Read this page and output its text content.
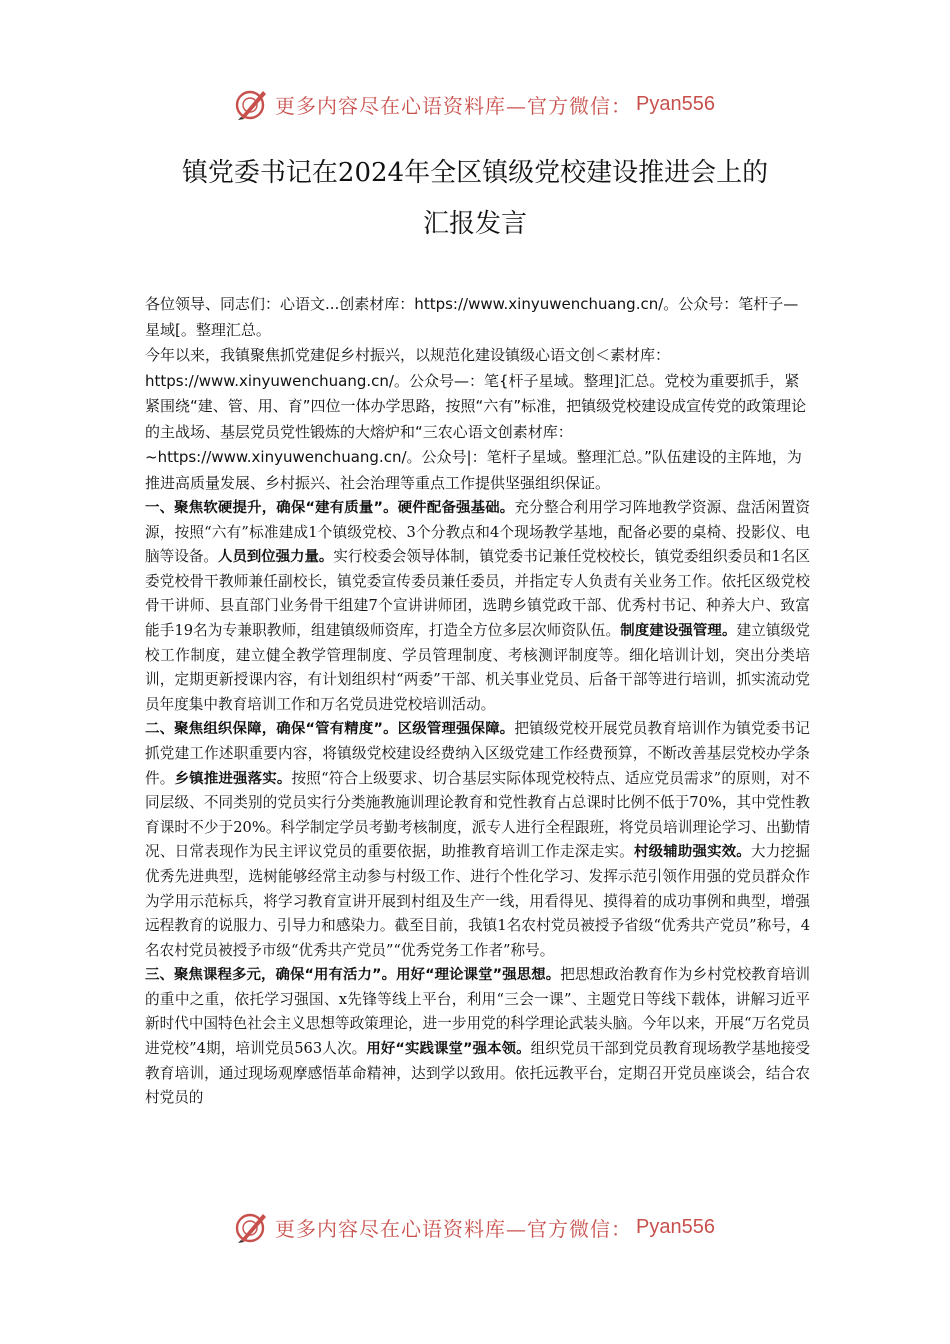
更多内容尽在心语资料库—官方微信： Pyan556
镇党委书记在2024年全区镇级党校建设推进会上的
汇报发言

各位领导、同志们：心语文...创素材库：https://www.xinyuwenchuang.cn/。公众号：笔杆子—星域[。整理汇总。

今年以来，我镇聚焦抓党建促乡村振兴，以规范化建设镇级心语文创＜素材库：https://www.xinyuwenchuang.cn/。公众号—：笔{杆子星域。整理]汇总。党校为重要抓手，紧紧围绕“建、管、用、育”四位一体办学思路，按照“六有”标准，把镇级党校建设成宣传党的政策理论的主战场、基层党员党性锻炼的大熔炉和“三农心语文创素材库：~https://www.xinyuwenchuang.cn/。公众号|：笔杆子星域。整理汇总。”队伍建设的主阵地，为推进高质量发展、乡村振兴、社会治理等重点工作提供坚强组织保证。

一、聚焦软硬提升，确保“建有质量”。硬件配备强基础。充分整合利用学习阵地教学资源、盘活闲置资源，按照“六有”标准建成1个镇级党校、3个分教点和4个现场教学基地，配备必要的桌椅、投影仪、电脑等设备。人员到位强力量。实行校委会领导体制，镇党委书记兼任党校校长，镇党委组织委员和1名区委党校骨干教师兼任副校长，镇党委宣传委员兼任委员，并指定专人负责有关业务工作。依托区级党校骨干讲师、县直部门业务骨干组建7个宣讲讲师团，选聘乡镇党政干部、优秀村书记、种养大户、致富能手19名为专兼职教师，组建镇级师资库，打造全方位多层次师资队伍。制度建设强管理。建立镇级党校工作制度，建立健全教学管理制度、学员管理制度、考核测评制度等。细化培训计划，突出分类培训，定期更新授课内容，有计划组织村“两委”干部、机关事业党员、后备干部等进行培训，抓实流动党员年度集中教育培训工作和万名党员进党校培训活动。

二、聚焦组织保障，确保“管有精度”。区级管理强保障。把镇级党校开展党员教育培训作为镇党委书记抓党建工作述职重要内容，将镇级党校建设经费纳入区级党建工作经费预算，不断改善基层党校办学条件。乡镇推进强落实。按照“符合上级要求、切合基层实际体现党校特点、适应党员需求”的原则，对不同层级、不同类别的党员实行分类施教施训理论教育和党性教育占总课时比例不低于70%，其中党性教育课时不少于20%。科学制定学员考勤考核制度，派专人进行全程跟班，将党员培训理论学习、出勤情况、日常表现作为民主评议党员的重要依据，助推教育培训工作走深走实。村级辅助强实效。大力挖掘优秀先进典型，选树能够经常主动参与村级工作、进行个性化学习、发挥示范引领作用强的党员群众作为学用示范标兵，将学习教育宣讲开展到村组及生产一线，用看得见、摸得着的成功事例和典型，增强远程教育的说服力、引导力和感染力。截至目前，我镇1名农村党员被授予省级“优秀共产党员”称号，4名农村党员被授予市级“优秀共产党员”“优秀党务工作者”称号。

三、聚焦课程多元，确保“用有活力”。用好“理论课堂”强思想。把思想政治教育作为乡村党校教育培训的重中之重，依托学习强国、x先锋等线上平台，利用“三会一课”、主题党日等线下载体，讲解习近平新时代中国特色社会主义思想等政策理论，进一步用党的科学理论武装头脑。今年以来，开展“万名党员进党校”4期，培训党员563人次。用好“实践课堂”强本领。组织党员干部到党员教育现场教学基地接受教育培训，通过现场观摩感悟革命精神，达到学以致用。依托远教平台，定期召开党员座谈会，结合农村党员的

更多内容尽在心语资料库—官方微信： Pyan556
